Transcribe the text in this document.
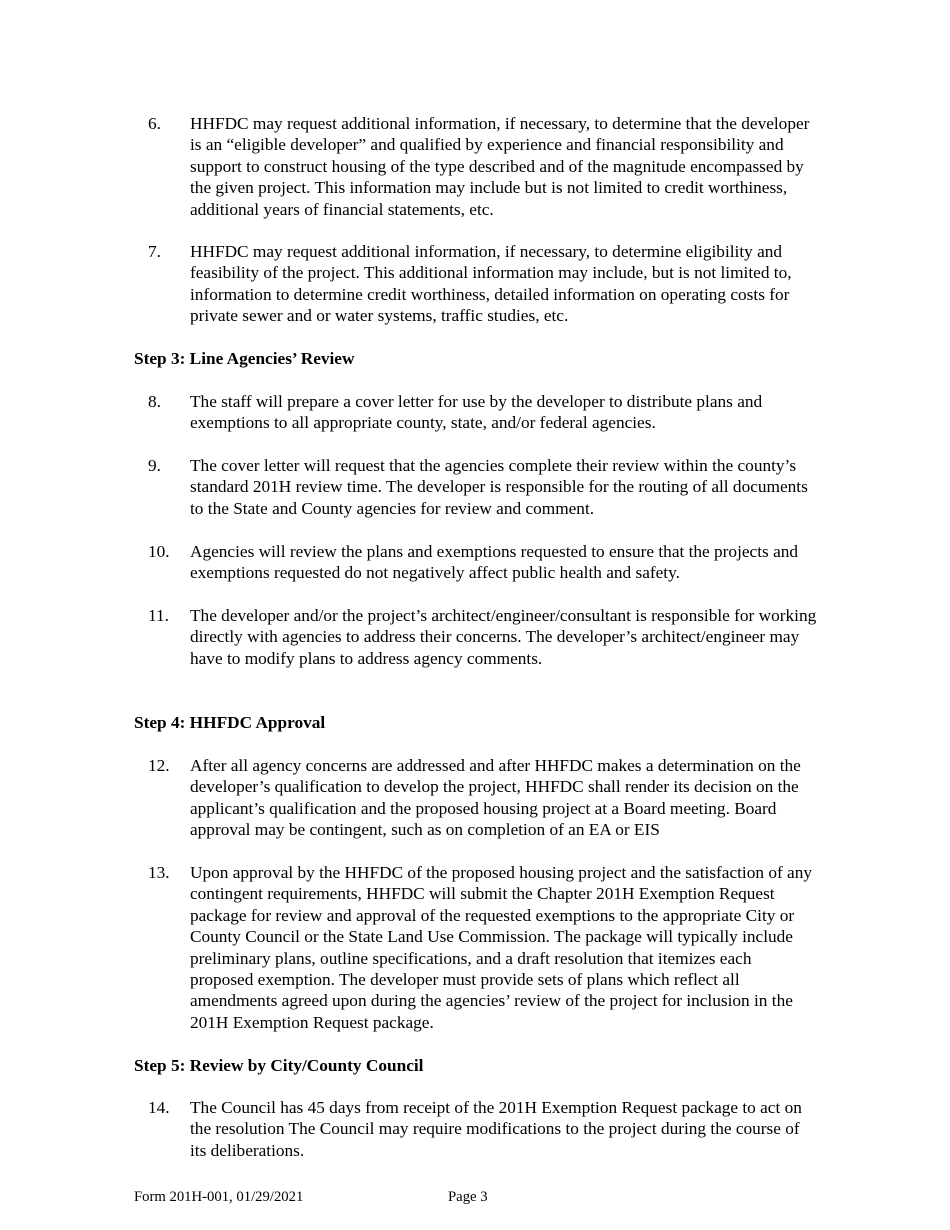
6. HHFDC may request additional information, if necessary, to determine that the developer
is an “eligible developer” and qualified by experience and financial responsibility and
support to construct housing of the type described and of the magnitude encompassed by
the given project. This information may include but is not limited to credit worthiness,
additional years of financial statements, etc.
7. HHFDC may request additional information, if necessary, to determine eligibility and
feasibility of the project. This additional information may include, but is not limited to,
information to determine credit worthiness, detailed information on operating costs for
private sewer and or water systems, traffic studies, etc.
Step 3: Line Agencies’ Review
8. The staff will prepare a cover letter for use by the developer to distribute plans and
exemptions to all appropriate county, state, and/or federal agencies.
9. The cover letter will request that the agencies complete their review within the county’s
standard 201H review time. The developer is responsible for the routing of all documents
to the State and County agencies for review and comment.
10. Agencies will review the plans and exemptions requested to ensure that the projects and
exemptions requested do not negatively affect public health and safety.
11. The developer and/or the project’s architect/engineer/consultant is responsible for working
directly with agencies to address their concerns. The developer’s architect/engineer may
have to modify plans to address agency comments.
Step 4: HHFDC Approval
12. After all agency concerns are addressed and after HHFDC makes a determination on the
developer’s qualification to develop the project, HHFDC shall render its decision on the
applicant’s qualification and the proposed housing project at a Board meeting. Board
approval may be contingent, such as on completion of an EA or EIS
13. Upon approval by the HHFDC of the proposed housing project and the satisfaction of any
contingent requirements, HHFDC will submit the Chapter 201H Exemption Request
package for review and approval of the requested exemptions to the appropriate City or
County Council or the State Land Use Commission. The package will typically include
preliminary plans, outline specifications, and a draft resolution that itemizes each
proposed exemption. The developer must provide sets of plans which reflect all
amendments agreed upon during the agencies’ review of the project for inclusion in the
201H Exemption Request package.
Step 5: Review by City/County Council
14. The Council has 45 days from receipt of the 201H Exemption Request package to act on
the resolution The Council may require modifications to the project during the course of
its deliberations.
Form 201H-001, 01/29/2021	Page 3
